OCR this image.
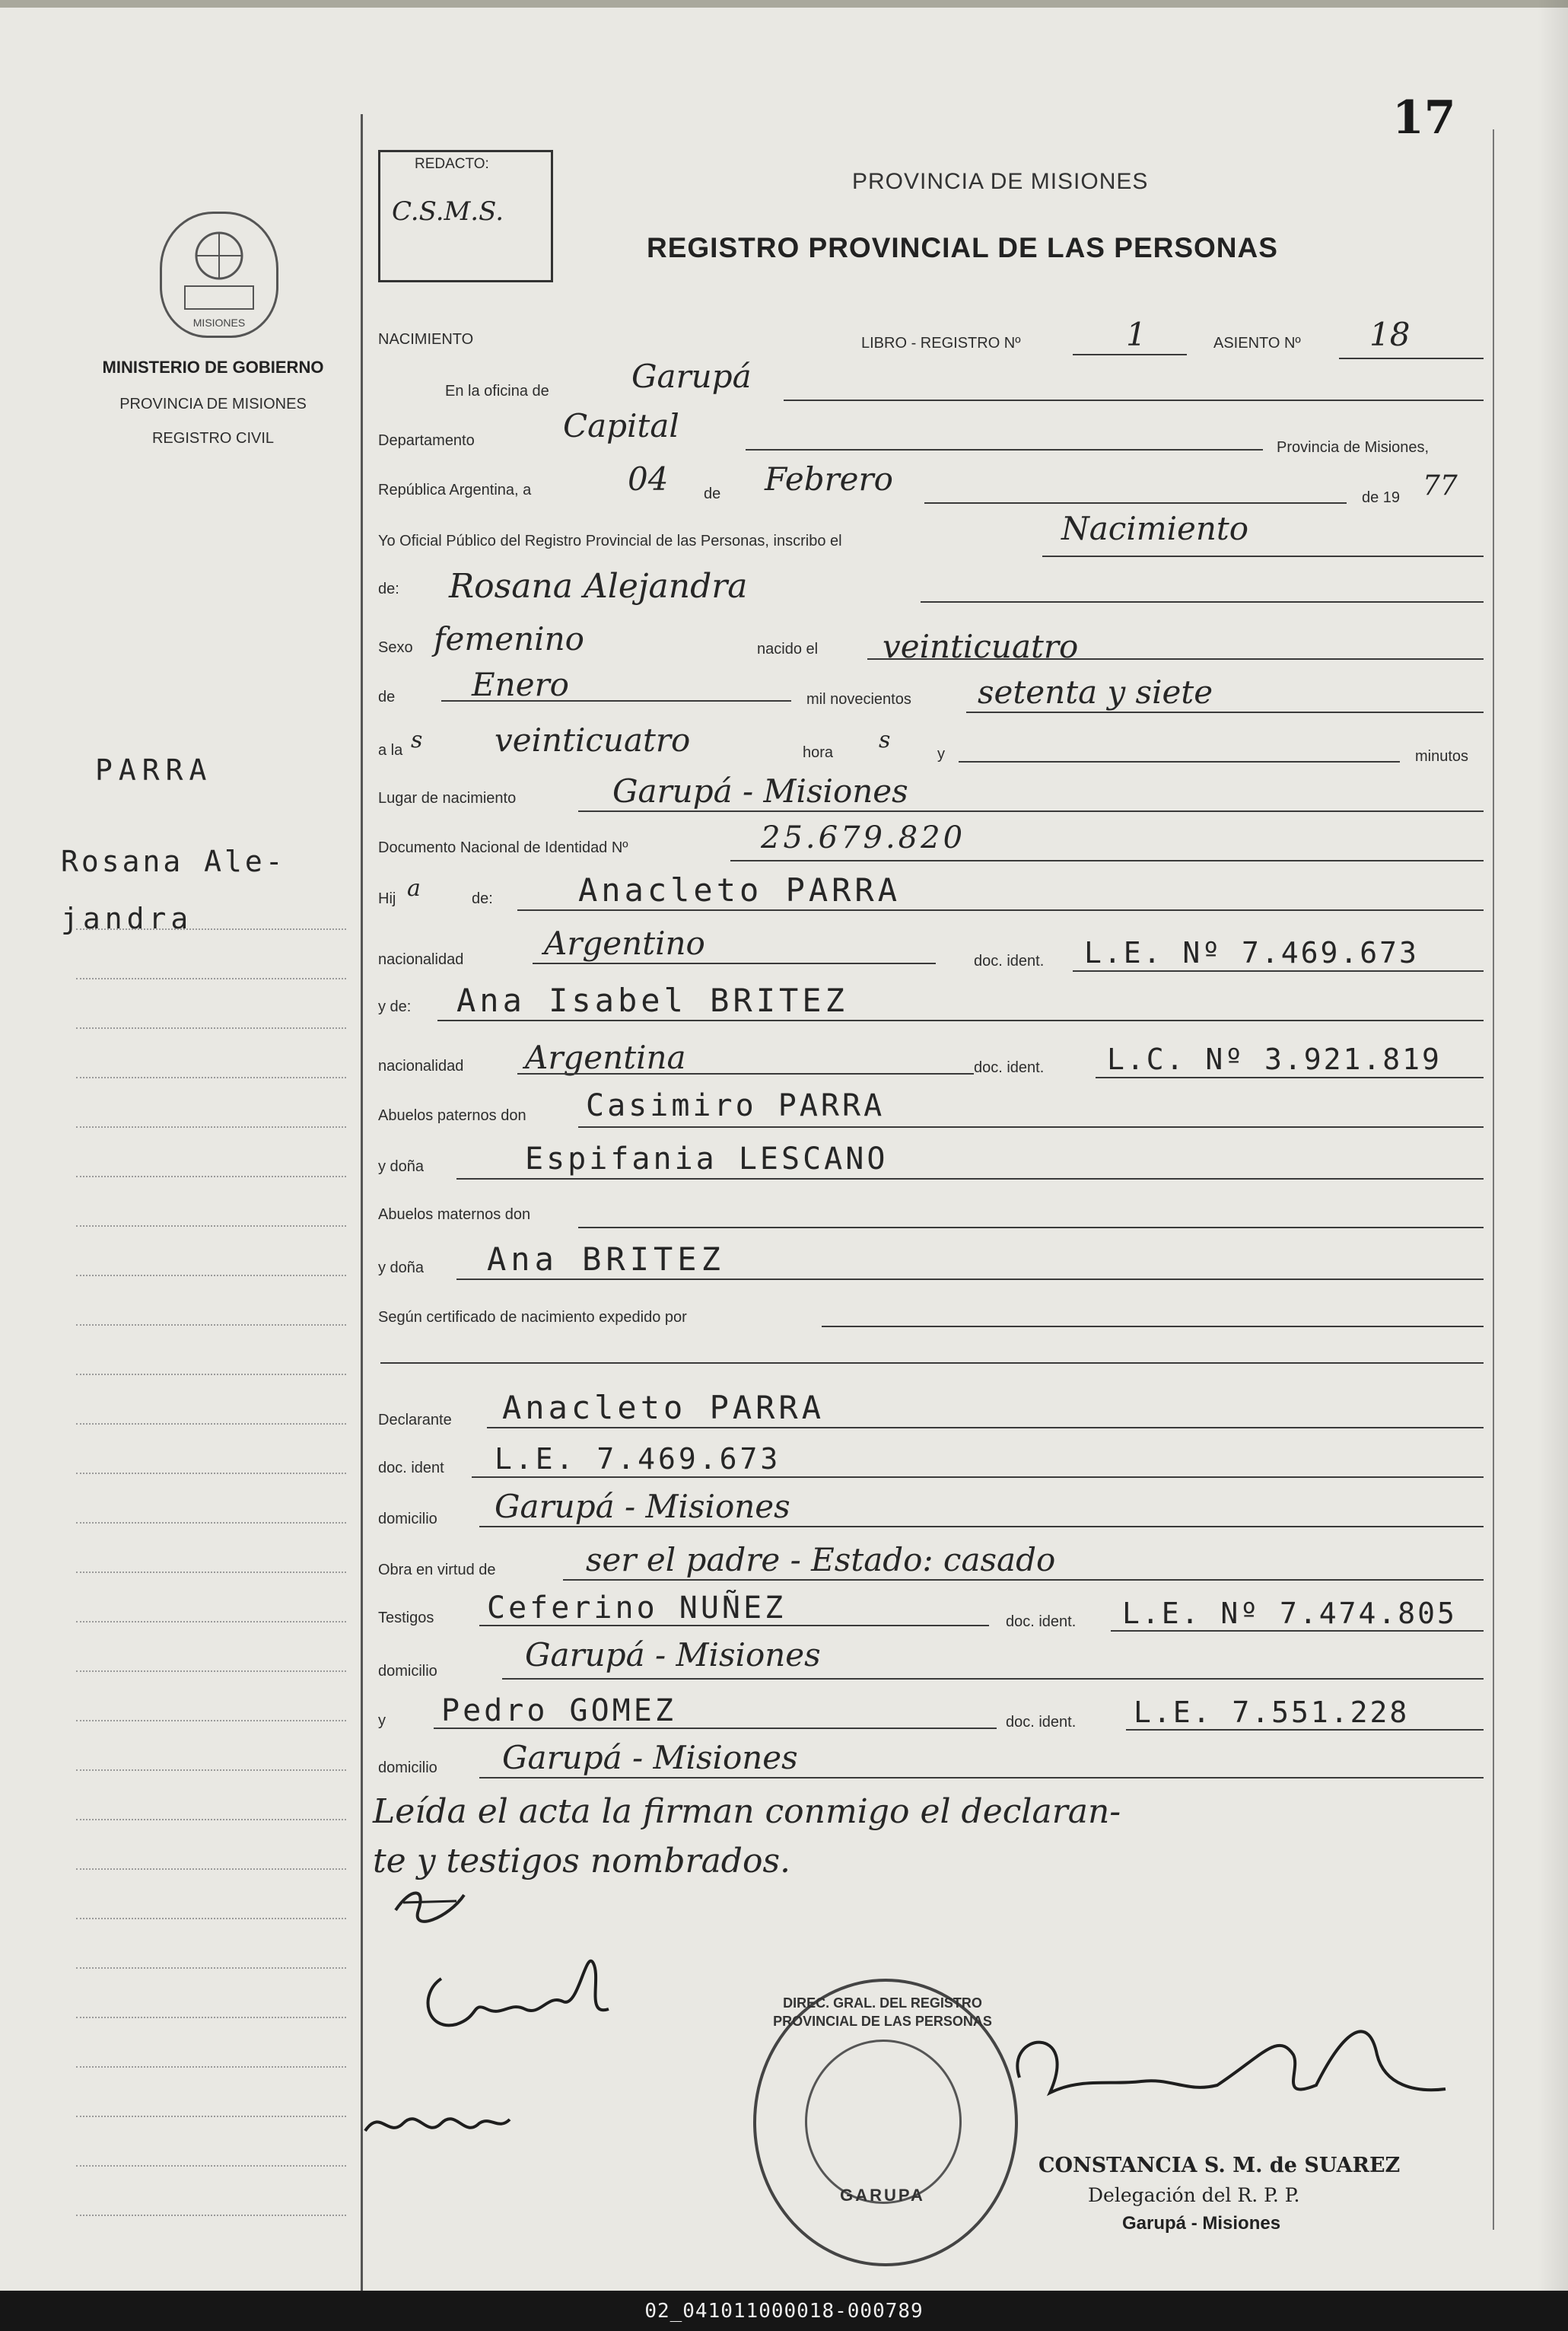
17
MISIONES
MINISTERIO DE GOBIERNO
PROVINCIA DE MISIONES
REGISTRO CIVIL
PARRA
Rosana Ale-
jandra
REDACTO:
C.S.M.S.
PROVINCIA DE MISIONES
REGISTRO PROVINCIAL DE LAS PERSONAS
NACIMIENTO	LIBRO - REGISTRO Nº	1	ASIENTO Nº 18
En la oficina de	Garupá
Departamento	Capital
Provincia de Misiones,
República Argentina, a	04 de Febrero	de 19 77
Yo Oficial Público del Registro Provincial de las Personas, inscribo el	Nacimiento
de: Rosana Alejandra
Sexo femenino	nacido el veinticuatro
de Enero	mil novecientos setenta y siete
a la s veinticuatro	hora s
y	minutos
Lugar de nacimiento	Garupá - Misiones
Documento Nacional de Identidad Nº	25.679.820
Hij a	de:	Anacleto PARRA
nacionalidad	Argentino	doc. ident. L.E. Nº 7.469.673
y de: Ana Isabel BRITEZ
nacionalidad Argentina	doc. ident. L.C. Nº 3.921.819
Abuelos paternos don Casimiro PARRA
y doña	Espifania LESCANO
Abuelos maternos don
y doña Ana BRITEZ
Según certificado de nacimiento expedido por
Declarante Anacleto PARRA
doc. ident L.E. 7.469.673
domicilio Garupá - Misiones
Obra en virtud de	ser el padre - Estado: casado
Testigos Ceferino NUÑEZ	doc. ident. L.E. Nº 7.474.805
domicilio	Garupá - Misiones
y Pedro GOMEZ	doc. ident. L.E. 7.551.228
domicilio Garupá - Misiones
Leída el acta la firman conmigo el declaran-
te y testigos nombrados.
GARUPA
DIREC. GRAL. DEL REGISTRO PROVINCIAL DE LAS PERSONAS
CONSTANCIA S. M. de SUAREZ
Delegación del R. P. P.
Garupá - Misiones
02_041011000018-000789
